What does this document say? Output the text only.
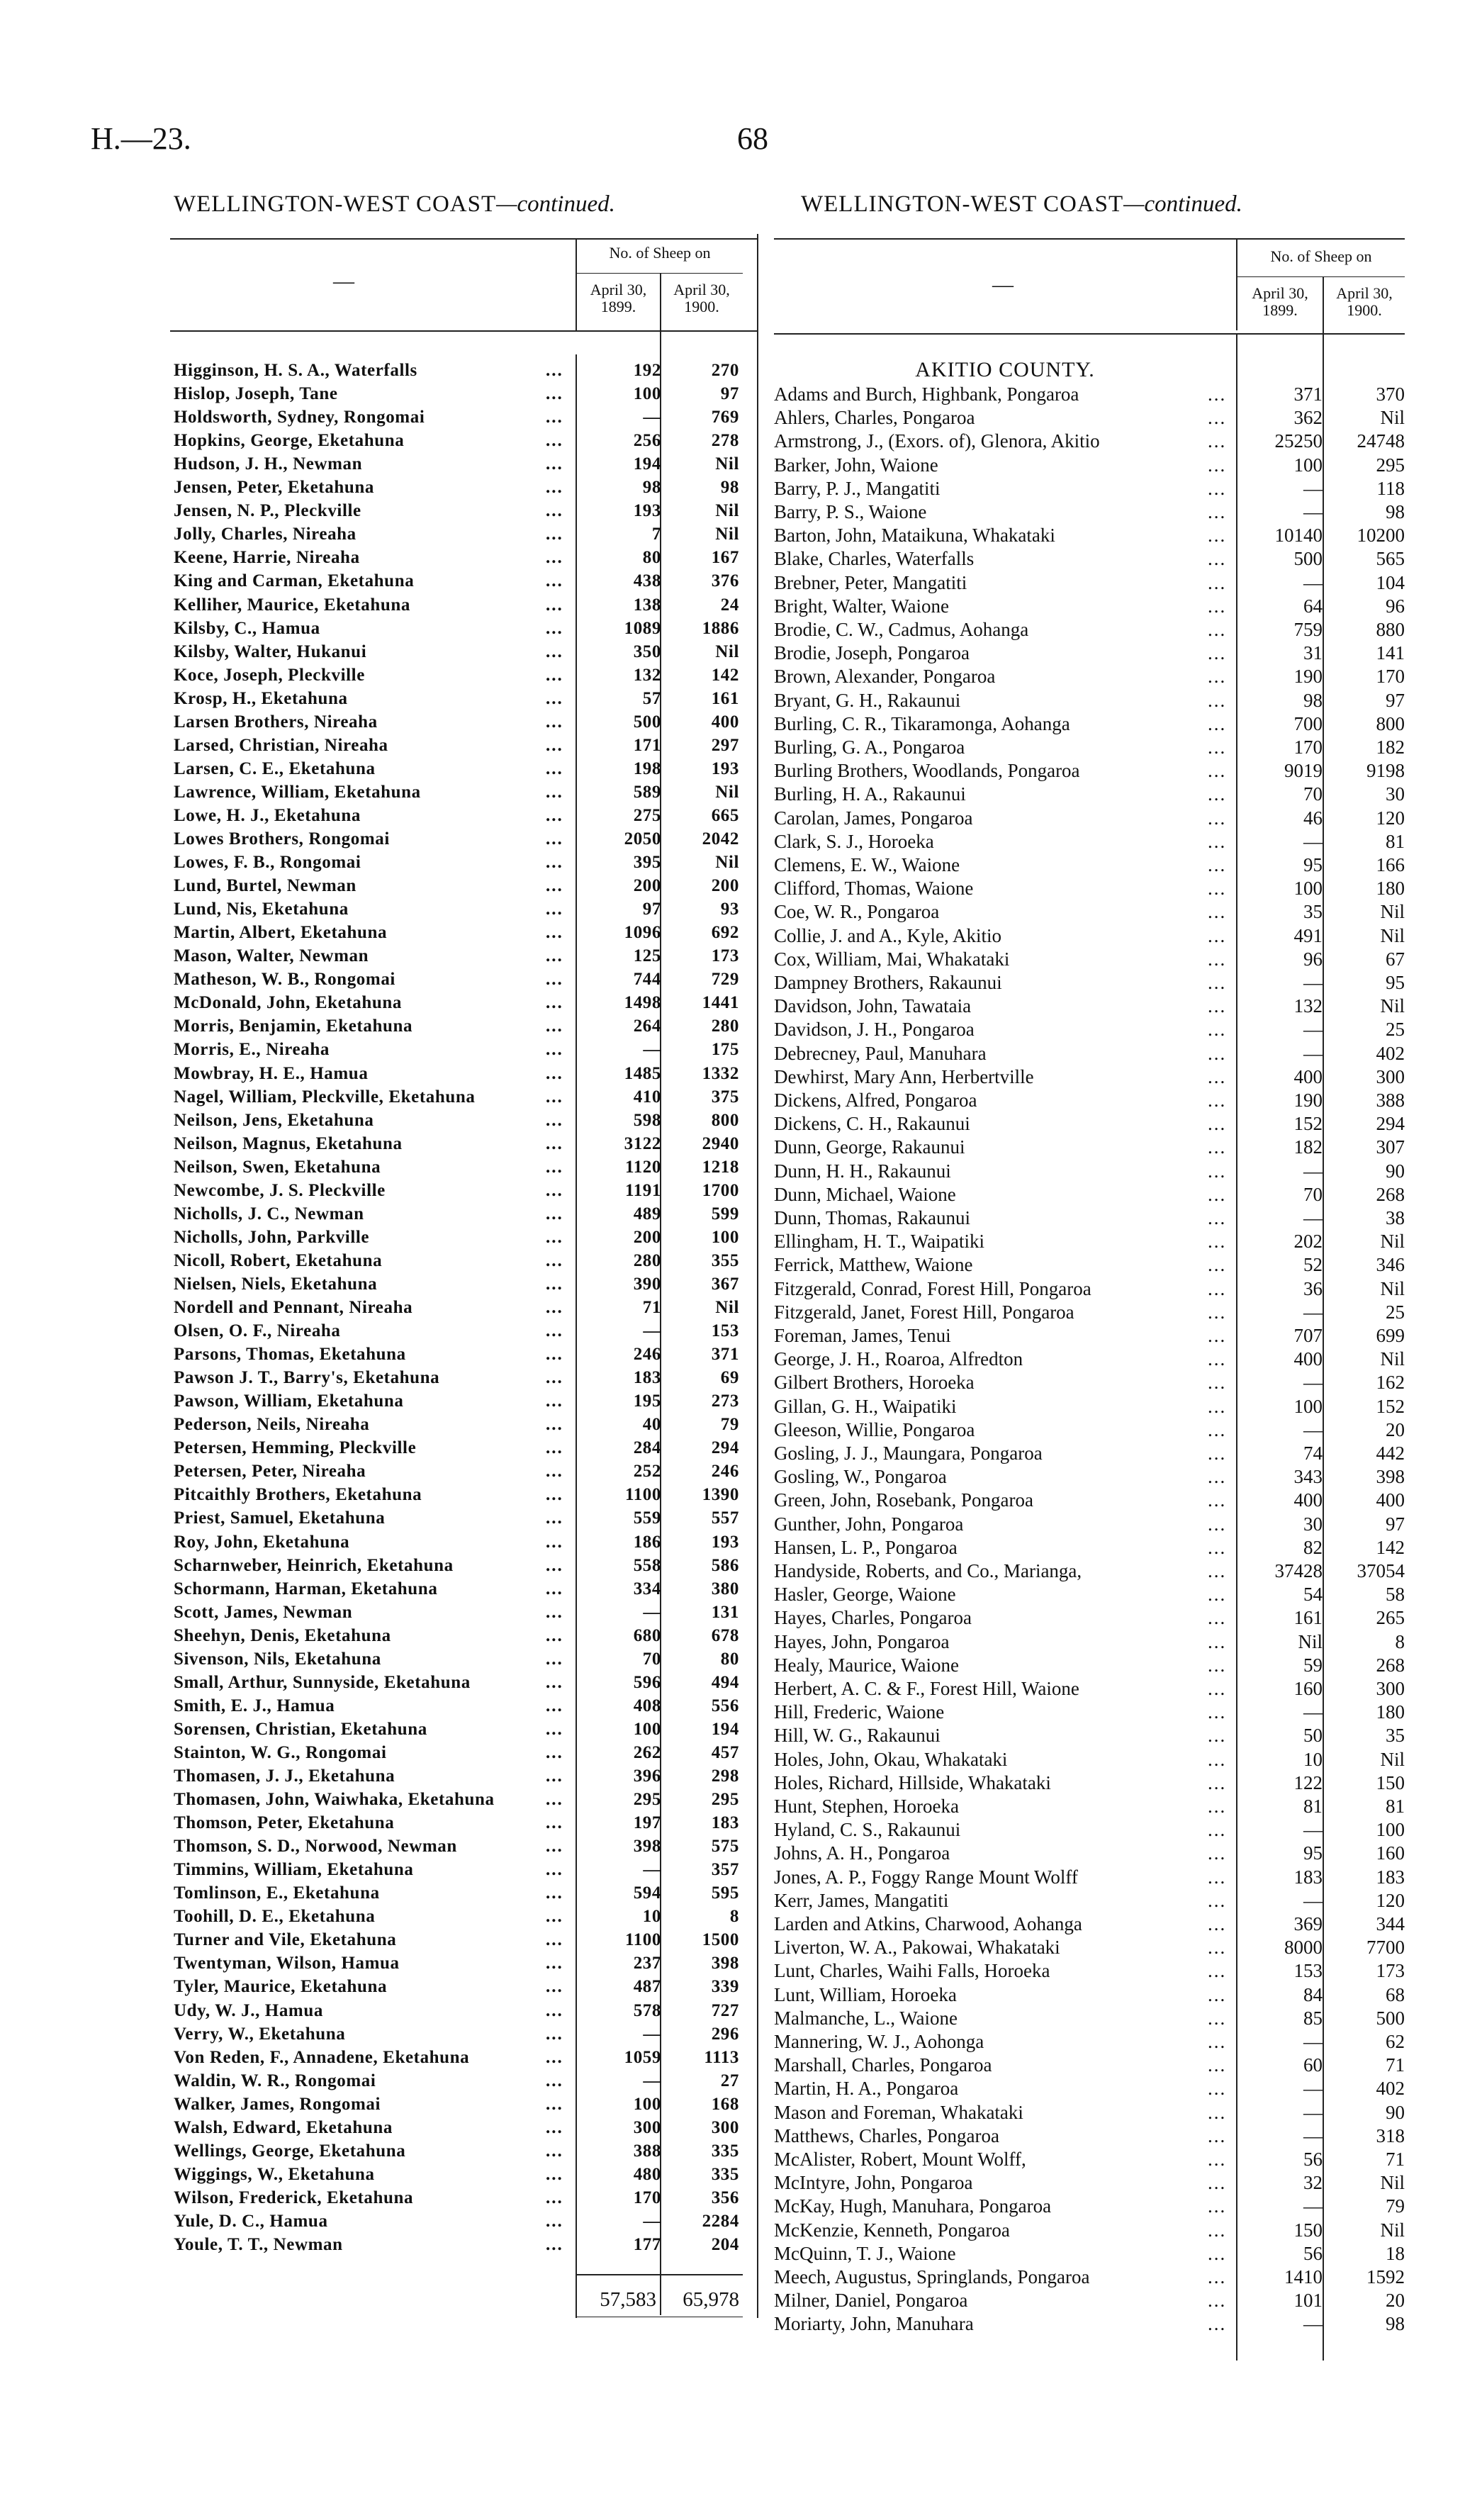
H.—23.	68
WELLINGTON-WEST COAST—continued.
No. of Sheep on
April 30, 1899.
April 30, 1900.
—
Higginson, H. S. A., Waterfalls	...	192	270
Hislop, Joseph, Tane	...	100	97
Holdsworth, Sydney, Rongomai	...	—	769
Hopkins, George, Eketahuna	...	256	278
Hudson, J. H., Newman	...	194	Nil
Jensen, Peter, Eketahuna	...	98	98
Jensen, N. P., Pleckville	...	193	Nil
Jolly, Charles, Nireaha	...	7	Nil
Keene, Harrie, Nireaha	...	80	167
King and Carman, Eketahuna	...	438	376
Kelliher, Maurice, Eketahuna	...	138	24
Kilsby, C., Hamua	...	1089	1886
Kilsby, Walter, Hukanui	...	350	Nil
Koce, Joseph, Pleckville	...	132	142
Krosp, H., Eketahuna	...	57	161
Larsen Brothers, Nireaha	...	500	400
Larsed, Christian, Nireaha	...	171	297
Larsen, C. E., Eketahuna	...	198	193
Lawrence, William, Eketahuna	...	589	Nil
Lowe, H. J., Eketahuna	...	275	665
Lowes Brothers, Rongomai	...	2050	2042
Lowes, F. B., Rongomai	...	395	Nil
Lund, Burtel, Newman	...	200	200
Lund, Nis, Eketahuna	...	97	93
Martin, Albert, Eketahuna	...	1096	692
Mason, Walter, Newman	...	125	173
Matheson, W. B., Rongomai	...	744	729
McDonald, John, Eketahuna	...	1498	1441
Morris, Benjamin, Eketahuna	...	264	280
Morris, E., Nireaha	...	—	175
Mowbray, H. E., Hamua	...	1485	1332
Nagel, William, Pleckville, Eketahuna	...	410	375
Neilson, Jens, Eketahuna	...	598	800
Neilson, Magnus, Eketahuna	...	3122	2940
Neilson, Swen, Eketahuna	...	1120	1218
Newcombe, J. S. Pleckville	...	1191	1700
Nicholls, J. C., Newman	...	489	599
Nicholls, John, Parkville	...	200	100
Nicoll, Robert, Eketahuna	...	280	355
Nielsen, Niels, Eketahuna	...	390	367
Nordell and Pennant, Nireaha	...	71	Nil
Olsen, O. F., Nireaha	...	—	153
Parsons, Thomas, Eketahuna	...	246	371
Pawson J. T., Barry's, Eketahuna	...	183	69
Pawson, William, Eketahuna	...	195	273
Pederson, Neils, Nireaha	...	40	79
Petersen, Hemming, Pleckville	...	284	294
Petersen, Peter, Nireaha	...	252	246
Pitcaithly Brothers, Eketahuna	...	1100	1390
Priest, Samuel, Eketahuna	...	559	557
Roy, John, Eketahuna	...	186	193
Scharnweber, Heinrich, Eketahuna	...	558	586
Schormann, Harman, Eketahuna	...	334	380
Scott, James, Newman	...	—	131
Sheehyn, Denis, Eketahuna	...	680	678
Sivenson, Nils, Eketahuna	...	70	80
Small, Arthur, Sunnyside, Eketahuna	...	596	494
Smith, E. J., Hamua	...	408	556
Sorensen, Christian, Eketahuna	...	100	194
Stainton, W. G., Rongomai	...	262	457
Thomasen, J. J., Eketahuna	...	396	298
Thomasen, John, Waiwhaka, Eketahuna	...	295	295
Thomson, Peter, Eketahuna	...	197	183
Thomson, S. D., Norwood, Newman	...	398	575
Timmins, William, Eketahuna	...	—	357
Tomlinson, E., Eketahuna	...	594	595
Toohill, D. E., Eketahuna	...	10	8
Turner and Vile, Eketahuna	...	1100	1500
Twentyman, Wilson, Hamua	...	237	398
Tyler, Maurice, Eketahuna	...	487	339
Udy, W. J., Hamua	...	578	727
Verry, W., Eketahuna	...	—	296
Von Reden, F., Annadene, Eketahuna	...	1059	1113
Waldin, W. R., Rongomai	...	—	27
Walker, James, Rongomai	...	100	168
Walsh, Edward, Eketahuna	...	300	300
Wellings, George, Eketahuna	...	388	335
Wiggings, W., Eketahuna	...	480	335
Wilson, Frederick, Eketahuna	...	170	356
Yule, D. C., Hamua	...	—	2284
Youle, T. T., Newman	...	177	204
57,583	65,978
WELLINGTON-WEST COAST—continued.
No. of Sheep on
April 30, 1899.
April 30, 1900.
—
AKITIO COUNTY.
Adams and Burch, Highbank, Pongaroa	...	371	370
Ahlers, Charles, Pongaroa	...	362	Nil
Armstrong, J., (Exors. of), Glenora, Akitio	...	25250	24748
Barker, John, Waione	...	100	295
Barry, P. J., Mangatiti	...	—	118
Barry, P. S., Waione	...	—	98
Barton, John, Mataikuna, Whakataki	...	10140	10200
Blake, Charles, Waterfalls	...	500	565
Brebner, Peter, Mangatiti	...	—	104
Bright, Walter, Waione	...	64	96
Brodie, C. W., Cadmus, Aohanga	...	759	880
Brodie, Joseph, Pongaroa	...	31	141
Brown, Alexander, Pongaroa	...	190	170
Bryant, G. H., Rakaunui	...	98	97
Burling, C. R., Tikaramonga, Aohanga	...	700	800
Burling, G. A., Pongaroa	...	170	182
Burling Brothers, Woodlands, Pongaroa	...	9019	9198
Burling, H. A., Rakaunui	...	70	30
Carolan, James, Pongaroa	...	46	120
Clark, S. J., Horoeka	...	—	81
Clemens, E. W., Waione	...	95	166
Clifford, Thomas, Waione	...	100	180
Coe, W. R., Pongaroa	...	35	Nil
Collie, J. and A., Kyle, Akitio	...	491	Nil
Cox, William, Mai, Whakataki	...	96	67
Dampney Brothers, Rakaunui	...	—	95
Davidson, John, Tawataia	...	132	Nil
Davidson, J. H., Pongaroa	...	—	25
Debrecney, Paul, Manuhara	...	—	402
Dewhirst, Mary Ann, Herbertville	...	400	300
Dickens, Alfred, Pongaroa	...	190	388
Dickens, C. H., Rakaunui	...	152	294
Dunn, George, Rakaunui	...	182	307
Dunn, H. H., Rakaunui	...	—	90
Dunn, Michael, Waione	...	70	268
Dunn, Thomas, Rakaunui	...	—	38
Ellingham, H. T., Waipatiki	...	202	Nil
Ferrick, Matthew, Waione	...	52	346
Fitzgerald, Conrad, Forest Hill, Pongaroa	...	36	Nil
Fitzgerald, Janet, Forest Hill, Pongaroa	...	—	25
Foreman, James, Tenui	...	707	699
George, J. H., Roaroa, Alfredton	...	400	Nil
Gilbert Brothers, Horoeka	...	—	162
Gillan, G. H., Waipatiki	...	100	152
Gleeson, Willie, Pongaroa	...	—	20
Gosling, J. J., Maungara, Pongaroa	...	74	442
Gosling, W., Pongaroa	...	343	398
Green, John, Rosebank, Pongaroa	...	400	400
Gunther, John, Pongaroa	...	30	97
Hansen, L. P., Pongaroa	...	82	142
Handyside, Roberts, and Co., Marianga,	...	37428	37054
Hasler, George, Waione	...	54	58
Hayes, Charles, Pongaroa	...	161	265
Hayes, John, Pongaroa	...	Nil	8
Healy, Maurice, Waione	...	59	268
Herbert, A. C. & F., Forest Hill, Waione	...	160	300
Hill, Frederic, Waione	...	—	180
Hill, W. G., Rakaunui	...	50	35
Holes, John, Okau, Whakataki	...	10	Nil
Holes, Richard, Hillside, Whakataki	...	122	150
Hunt, Stephen, Horoeka	...	81	81
Hyland, C. S., Rakaunui	...	—	100
Johns, A. H., Pongaroa	...	95	160
Jones, A. P., Foggy Range Mount Wolff	...	183	183
Kerr, James, Mangatiti	...	—	120
Larden and Atkins, Charwood, Aohanga	...	369	344
Liverton, W. A., Pakowai, Whakataki	...	8000	7700
Lunt, Charles, Waihi Falls, Horoeka	...	153	173
Lunt, William, Horoeka	...	84	68
Malmanche, L., Waione	...	85	500
Mannering, W. J., Aohonga	...	—	62
Marshall, Charles, Pongaroa	...	60	71
Martin, H. A., Pongaroa	...	—	402
Mason and Foreman, Whakataki	...	—	90
Matthews, Charles, Pongaroa	...	—	318
McAlister, Robert, Mount Wolff,	...	56	71
McIntyre, John, Pongaroa	...	32	Nil
McKay, Hugh, Manuhara, Pongaroa	...	—	79
McKenzie, Kenneth, Pongaroa	...	150	Nil
McQuinn, T. J., Waione	...	56	18
Meech, Augustus, Springlands, Pongaroa	...	1410	1592
Milner, Daniel, Pongaroa	...	101	20
Moriarty, John, Manuhara	...	—	98
